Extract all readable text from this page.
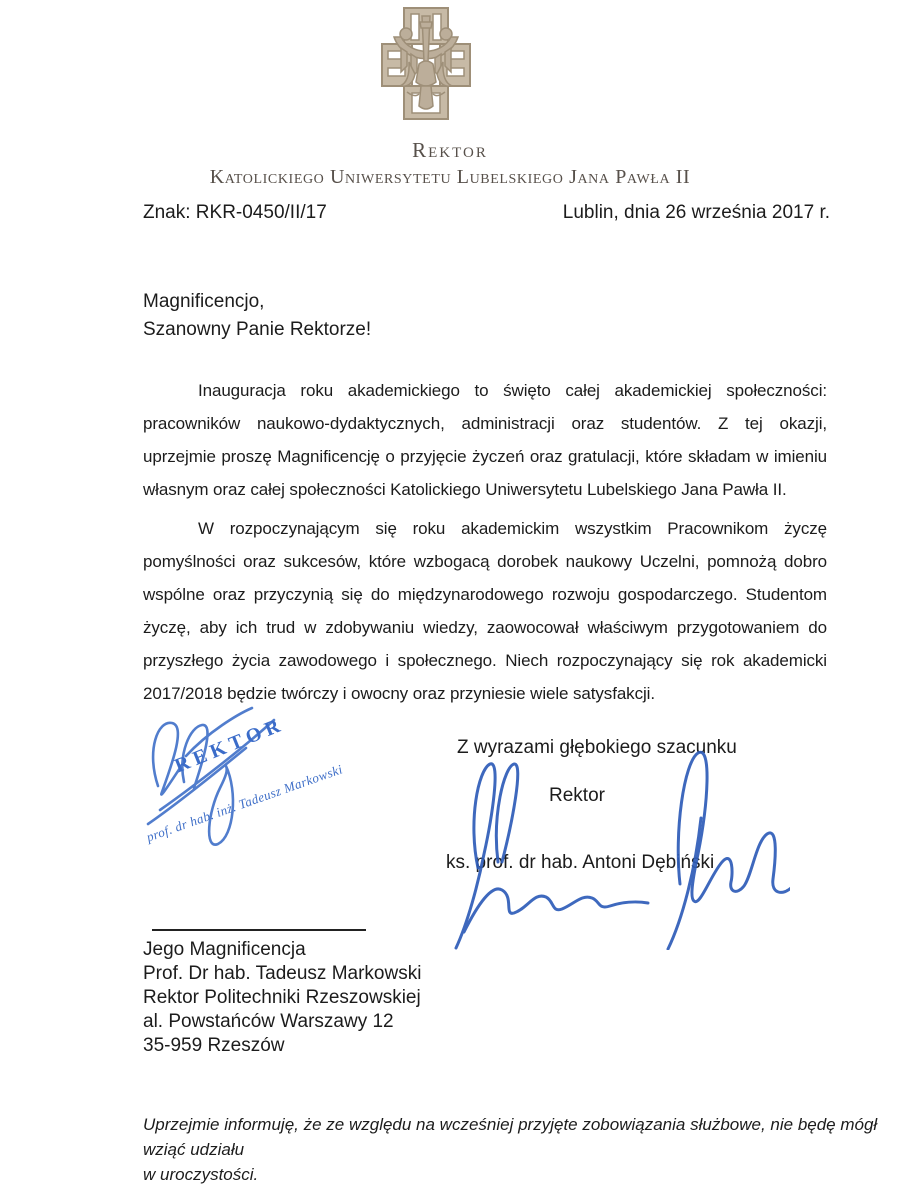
Rektor
Katolickiego Uniwersytetu Lubelskiego Jana Pawła II
Znak: RKR-0450/II/17	Lublin, dnia 26 września 2017 r.
Magnificencjo,
Szanowny Panie Rektorze!
Inauguracja roku akademickiego to święto całej akademickiej społeczności:
pracowników naukowo-dydaktycznych, administracji oraz studentów. Z tej okazji,
uprzejmie proszę Magnificencję o przyjęcie życzeń oraz gratulacji, które składam w imieniu
własnym oraz całej społeczności Katolickiego Uniwersytetu Lubelskiego Jana Pawła II.
W rozpoczynającym się roku akademickim wszystkim Pracownikom życzę
pomyślności oraz sukcesów, które wzbogacą dorobek naukowy Uczelni, pomnożą dobro
wspólne oraz przyczynią się do międzynarodowego rozwoju gospodarczego. Studentom
życzę, aby ich trud w zdobywaniu wiedzy, zaowocował właściwym przygotowaniem do
przyszłego życia zawodowego i społecznego. Niech rozpoczynający się rok akademicki
2017/2018 będzie twórczy i owocny oraz przyniesie wiele satysfakcji.
REKTOR
prof. dr hab. inż. Tadeusz Markowski
Z wyrazami głębokiego szacunku
Rektor
ks. prof. dr hab. Antoni Dębiński
Jego Magnificencja
Prof. Dr hab. Tadeusz Markowski
Rektor Politechniki Rzeszowskiej
al. Powstańców Warszawy 12
35-959 Rzeszów
Uprzejmie informuję, że ze względu na wcześniej przyjęte zobowiązania służbowe, nie będę mógł wziąć udziału
w uroczystości.
